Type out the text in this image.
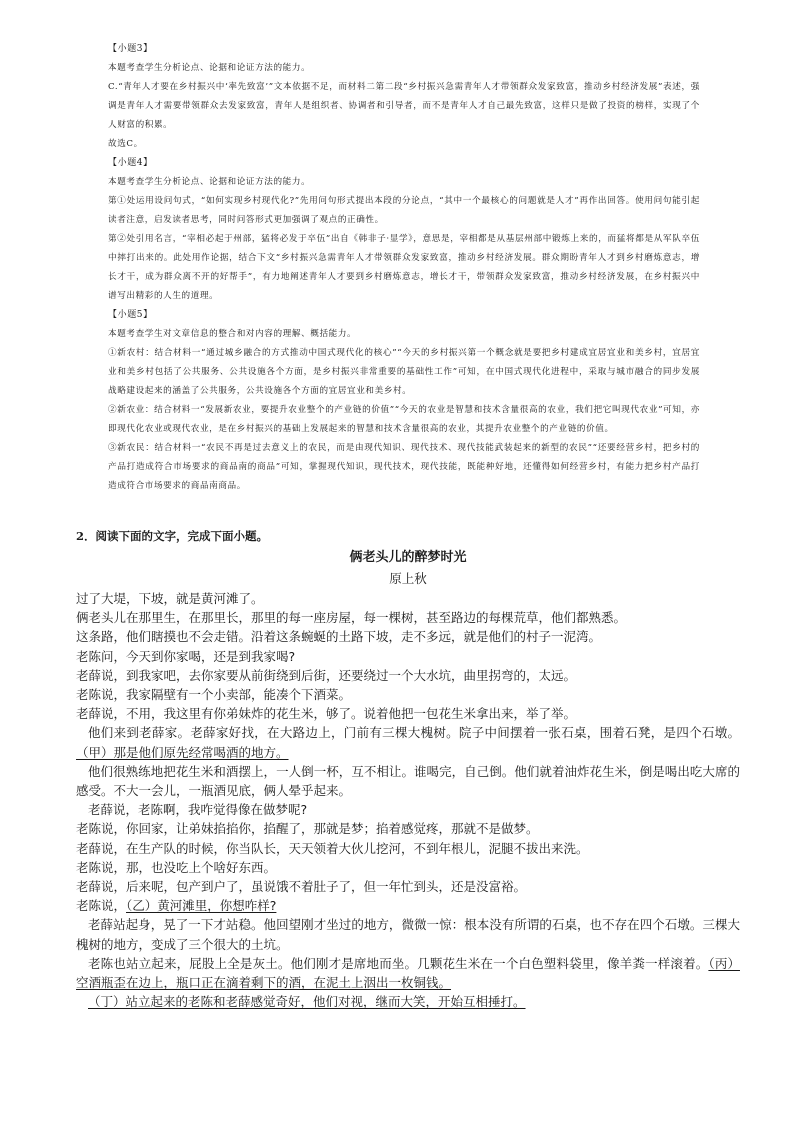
【小题3】

本题考查学生分析论点、论据和论证方法的能力。

C.“青年人才要在乡村振兴中‘率先致富’”文本依据不足，而材料二第二段“乡村振兴急需青年人才带领群众发家致富，推动乡村经济发展”表述，强调是青年人才需要带领群众去发家致富，青年人是组织者、协调者和引导者，而不是青年人才自己最先致富，这样只是做了投资的榜样，实现了个人财富的积累。

故选C。

【小题4】

本题考查学生分析论点、论据和论证方法的能力。

第①处运用设问句式，“如何实现乡村现代化?”先用问句形式提出本段的分论点，“其中一个最核心的问题就是人才”再作出回答。使用问句能引起读者注意，启发读者思考，同时问答形式更加强调了观点的正确性。

第②处引用名言，“宰相必起于州部，猛将必发于卒伍”出自《韩非子·显学》，意思是，宰相都是从基层州部中锻炼上来的，而猛将都是从军队卒伍中摔打出来的。此处用作论据，结合下文“乡村振兴急需青年人才带领群众发家致富，推动乡村经济发展。群众期盼青年人才到乡村磨炼意志，增长才干，成为群众离不开的好帮手”，有力地阐述青年人才要到乡村磨炼意志，增长才干，带领群众发家致富，推动乡村经济发展，在乡村振兴中谱写出精彩的人生的道理。

【小题5】

本题考查学生对文章信息的整合和对内容的理解、概括能力。

①新农村：结合材料一“通过城乡融合的方式推动中国式现代化的核心”“今天的乡村振兴第一个概念就是要把乡村建成宜居宜业和美乡村，宜居宜业和美乡村包括了公共服务、公共设施各个方面，是乡村振兴非常重要的基础性工作”可知，在中国式现代化进程中，采取与城市融合的同步发展战略建设起来的涵盖了公共服务，公共设施各个方面的宜居宜业和美乡村。

②新农业：结合材料一“发展新农业，要提升农业整个的产业链的价值”“今天的农业是智慧和技术含量很高的农业，我们把它叫现代农业”可知，亦即现代化农业或现代农业，是在乡村振兴的基础上发展起来的智慧和技术含量很高的农业，其提升农业整个的产业链的价值。

③新农民：结合材料一“农民不再是过去意义上的农民，而是由现代知识、现代技术、现代技能武装起来的新型的农民”“还要经营乡村，把乡村的产品打造成符合市场要求的商品南的商品”可知，掌握现代知识，现代技术，现代技能，既能种好地，还懂得如何经营乡村，有能力把乡村产品打造成符合市场要求的商品南商品。

2．阅读下面的文字，完成下面小题。

俩老头儿的醉梦时光

原上秋

过了大堤，下坡，就是黄河滩了。

俩老头儿在那里生，在那里长，那里的每一座房屋，每一棵树，甚至路边的每棵荒草，他们都熟悉。

这条路，他们瞎摸也不会走错。沿着这条蜿蜒的土路下坡，走不多远，就是他们的村子一泥湾。

老陈问，今天到你家喝，还是到我家喝?

老薛说，到我家吧，去你家要从前街绕到后街，还要绕过一个大水坑，曲里拐弯的，太远。

老陈说，我家隔壁有一个小卖部，能凑个下酒菜。

老薛说，不用，我这里有你弟妹炸的花生米，够了。说着他把一包花生米拿出来，举了举。

他们来到老薛家。老薛家好找，在大路边上，门前有三棵大槐树。院子中间摆着一张石桌，围着石凳，是四个石墩。（甲）那是他们原先经常喝酒的地方。

他们很熟练地把花生米和酒摆上，一人倒一杯，互不相让。谁喝完，自己倒。他们就着油炸花生米，倒是喝出吃大席的感受。不大一会儿，一瓶酒见底，俩人晕乎起来。

老薛说，老陈啊，我咋觉得像在做梦呢?

老陈说，你回家，让弟妹掐掐你，掐醒了，那就是梦；掐着感觉疼，那就不是做梦。

老薛说，在生产队的时候，你当队长，天天领着大伙儿挖河，不到年根儿，泥腿不拔出来洗。

老陈说，那，也没吃上个啥好东西。

老薛说，后来呢，包产到户了，虽说饿不着肚子了，但一年忙到头，还是没富裕。

老陈说，（乙）黄河滩里，你想咋样?

老薛站起身，晃了一下才站稳。他回望刚才坐过的地方，微微一惊：根本没有所谓的石桌，也不存在四个石墩。三棵大槐树的地方，变成了三个很大的土坑。

老陈也站立起来，屁股上全是灰土。他们刚才是席地而坐。几颗花生米在一个白色塑料袋里，像羊粪一样滚着。（丙）空酒瓶歪在边上，瓶口正在滴着剩下的酒，在泥土上洇出一枚铜钱。

（丁）站立起来的老陈和老薛感觉奇好，他们对视，继而大笑，开始互相捶打。
